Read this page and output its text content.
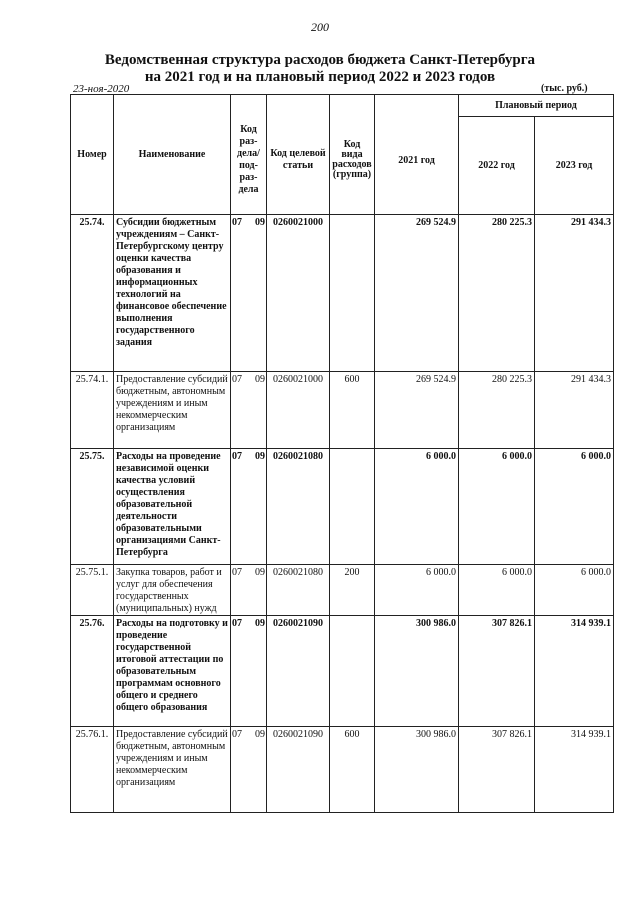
200
Ведомственная структура расходов бюджета Санкт-Петербурга
на 2021 год и на плановый период 2022 и 2023 годов
23-ноя-2020	(тыс. руб.)
Номер	Наименование	Код раз-дела/ под-раз-дела	Код целевой статьи	Код вида расходов (группа)	2021 год	Плановый период	
						2022 год	2023 год
25.74.	Субсидии бюджетным учреждениям – Санкт-Петербургскому центру оценки качества образования и информационных технологий на финансовое обеспечение выполнения государственного задания	07 09	0260021000		269 524.9	280 225.3	291 434.3
25.74.1.	Предоставление субсидий бюджетным, автономным учреждениям и иным некоммерческим организациям	07 09	0260021000	600	269 524.9	280 225.3	291 434.3
25.75.	Расходы на проведение независимой оценки качества условий осуществления образовательной деятельности образовательными организациями Санкт-Петербурга	07 09	0260021080		6 000.0	6 000.0	6 000.0
25.75.1.	Закупка товаров, работ и услуг для обеспечения государственных (муниципальных) нужд	07 09	0260021080	200	6 000.0	6 000.0	6 000.0
25.76.	Расходы на подготовку и проведение государственной итоговой аттестации по образовательным программам основного общего и среднего общего образования	07 09	0260021090		300 986.0	307 826.1	314 939.1
25.76.1.	Предоставление субсидий бюджетным, автономным учреждениям и иным некоммерческим организациям	07 09	0260021090	600	300 986.0	307 826.1	314 939.1
